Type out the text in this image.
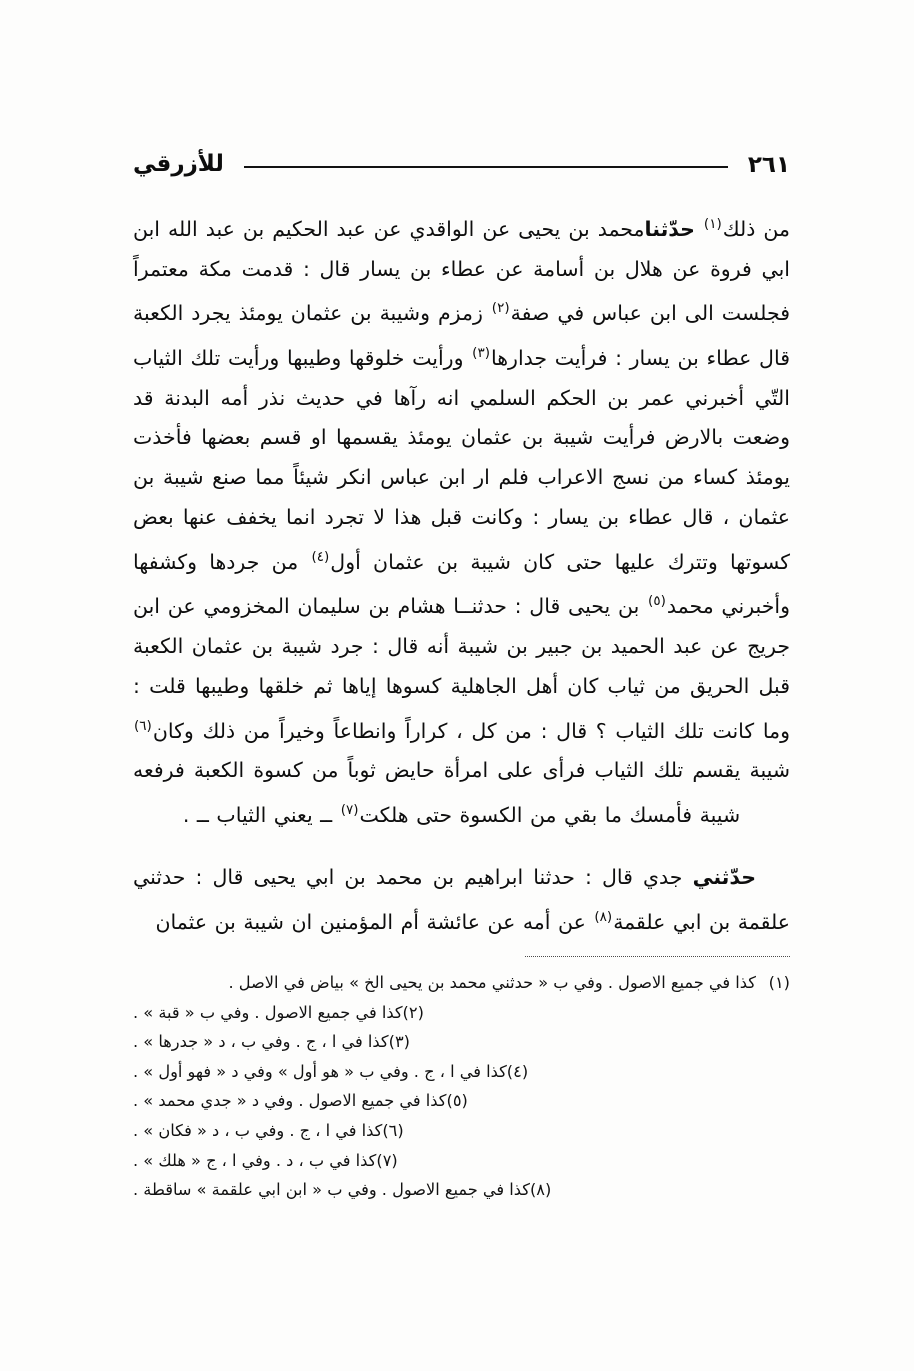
للأزرقي	٢٦١

من ذلك$^{(١)}$ حدّثنامحمد بن يحيى عن الواقدي عن عبد الحكيم بن عبد الله ابن ابي فروة عن هلال بن أسامة عن عطاء بن يسار قال : قدمت مكة معتمراً فجلست الى ابن عباس في صفة$^{(٢)}$ زمزم وشيبة بن عثمان يومئذ يجرد الكعبة قال عطاء بن يسار : فرأيت جدارها$^{(٣)}$ ورأيت خلوقها وطيبها ورأيت تلك الثياب التّي أخبرني عمر بن الحكم السلمي انه رآها في حديث نذر أمه البدنة قد وضعت بالارض فرأيت شيبة بن عثمان يومئذ يقسمها او قسم بعضها فأخذت يومئذ كساء من نسج الاعراب فلم ار ابن عباس انكر شيئاً مما صنع شيبة بن عثمان ، قال عطاء بن يسار : وكانت قبل هذا لا تجرد انما يخفف عنها بعض كسوتها وتترك عليها حتى كان شيبة بن عثمان أول$^{(٤)}$ من جردها وكشفها وأخبرني محمد$^{(٥)}$ بن يحيى قال : حدثنــا هشام بن سليمان المخزومي عن ابن جريج عن عبد الحميد بن جبير بن شيبة أنه قال : جرد شيبة بن عثمان الكعبة قبل الحريق من ثياب كان أهل الجاهلية كسوها إياها ثم خلقها وطيبها قلت : وما كانت تلك الثياب ؟ قال : من كل ، كراراً وانطاعاً وخيراً من ذلك وكان$^{(٦)}$ شيبة يقسم تلك الثياب فرأى على امرأة حايض ثوباً من كسوة الكعبة فرفعه شيبة فأمسك ما بقي من الكسوة حتى هلكت$^{(٧)}$ ــ يعني الثياب ــ .

حدّثني جدي قال : حدثنا ابراهيم بن محمد بن ابي يحيى قال : حدثني علقمة بن ابي علقمة$^{(٨)}$ عن أمه عن عائشة أم المؤمنين ان شيبة بن عثمان

(١)كذا في جميع الاصول . وفي ب « حدثني محمد بن يحيى الخ » بياض في الاصل .
(٢)كذا في جميع الاصول . وفي ب « قبة » .
(٣)كذا في ا ، ج . وفي ب ، د « جدرها » .
(٤)كذا في ا ، ج . وفي ب « هو أول » وفي د « فهو أول » .
(٥)كذا في جميع الاصول . وفي د « جدي محمد » .
(٦)كذا في ا ، ج . وفي ب ، د « فكان » .
(٧)كذا في ب ، د . وفي ا ، ج « هلك » .
(٨)كذا في جميع الاصول . وفي ب « ابن ابي علقمة » ساقطة .
